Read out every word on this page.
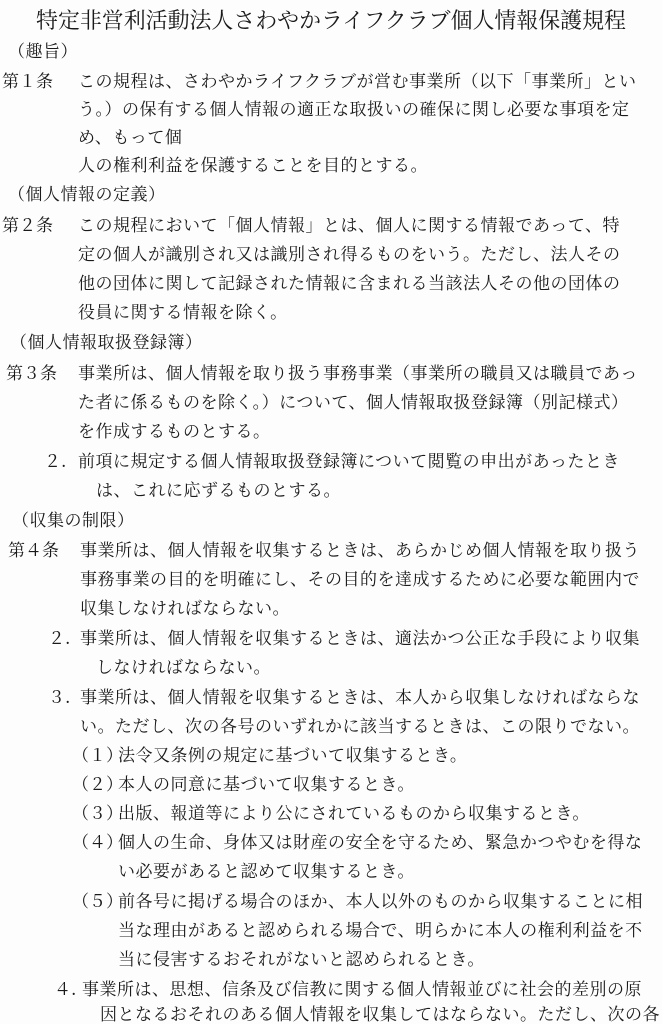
特定非営利活動法人さわやかライフクラブ個人情報保護規程
（趣旨）
第１条 この規程は、さわやかライフクラブが営む事業所（以下「事業所」とい
う。）の保有する個人情報の適正な取扱いの確保に関し必要な事項を定
め、もって個
人の権利利益を保護することを目的とする。
（個人情報の定義）
第２条 この規程において「個人情報」とは、個人に関する情報であって、特
定の個人が識別され又は識別され得るものをいう。ただし、法人その
他の団体に関して記録された情報に含まれる当該法人その他の団体の
役員に関する情報を除く。
（個人情報取扱登録簿）
第３条 事業所は、個人情報を取り扱う事務事業（事業所の職員又は職員であっ
た者に係るものを除く。）について、個人情報取扱登録簿（別記様式）
を作成するものとする。
２. 前項に規定する個人情報取扱登録簿について閲覧の申出があったとき
は、これに応ずるものとする。
（収集の制限）
第４条 事業所は、個人情報を収集するときは、あらかじめ個人情報を取り扱う
事務事業の目的を明確にし、その目的を達成するために必要な範囲内で
収集しなければならない。
２. 事業所は、個人情報を収集するときは、適法かつ公正な手段により収集
しなければならない。
３. 事業所は、個人情報を収集するときは、本人から収集しなければならな
い。ただし、次の各号のいずれかに該当するときは、この限りでない。
（１）
法令又条例の規定に基づいて収集するとき。
（２）
本人の同意に基づいて収集するとき。
（３）
出版、報道等により公にされているものから収集するとき。
（４）
個人の生命、身体又は財産の安全を守るため、緊急かつやむを得な
い必要があると認めて収集するとき。
（５）
前各号に掲げる場合のほか、本人以外のものから収集することに相
当な理由があると認められる場合で、明らかに本人の権利利益を不
当に侵害するおそれがないと認められるとき。
４. 事業所は、思想、信条及び信教に関する個人情報並びに社会的差別の原
因となるおそれのある個人情報を収集してはならない。ただし、次の各
